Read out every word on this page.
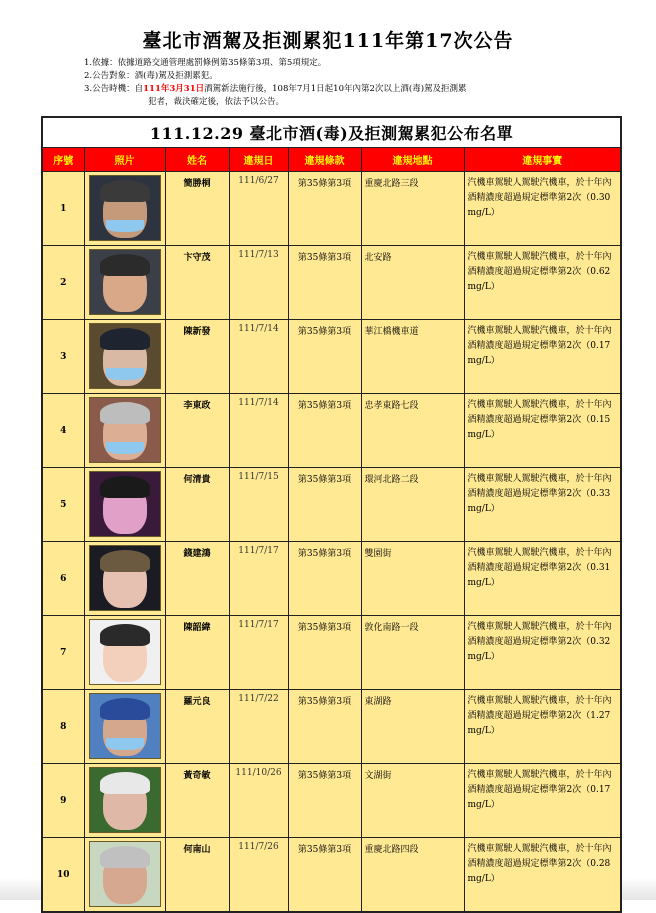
臺北市酒駕及拒測累犯111年第17次公告
1.依據：依據道路交通管理處罰條例第35條第3項、第5項規定。
2.公告對象：酒(毒)駕及拒測累犯。
3.公告時機：自111年3月31日酒駕新法施行後，108年7月1日起10年內第2次以上酒(毒)駕及拒測累
犯者，裁決確定後，依法予以公告。
111.12.29 臺北市酒(毒)及拒測駕累犯公布名單						
序號	照片	姓名	違規日	違規條款	違規地點	違規事實
1		簡勝桐	111/6/27	第35條第3項	重慶北路三段	汽機車駕駛人駕駛汽機車，於十年內酒精濃度超過規定標準第2次（0.30 mg/L）
2		卞守茂	111/7/13	第35條第3項	北安路	汽機車駕駛人駕駛汽機車，於十年內酒精濃度超過規定標準第2次（0.62 mg/L）
3		陳新發	111/7/14	第35條第3項	華江橋機車道	汽機車駕駛人駕駛汽機車，於十年內酒精濃度超過規定標準第2次（0.17 mg/L）
4		李東政	111/7/14	第35條第3項	忠孝東路七段	汽機車駕駛人駕駛汽機車，於十年內酒精濃度超過規定標準第2次（0.15 mg/L）
5		何清貴	111/7/15	第35條第3項	環河北路二段	汽機車駕駛人駕駛汽機車，於十年內酒精濃度超過規定標準第2次（0.33 mg/L）
6		錢建鴻	111/7/17	第35條第3項	雙園街	汽機車駕駛人駕駛汽機車，於十年內酒精濃度超過規定標準第2次（0.31 mg/L）
7		陳韶緯	111/7/17	第35條第3項	敦化南路一段	汽機車駕駛人駕駛汽機車，於十年內酒精濃度超過規定標準第2次（0.32 mg/L）
8		羅元良	111/7/22	第35條第3項	東湖路	汽機車駕駛人駕駛汽機車，於十年內酒精濃度超過規定標準第2次（1.27 mg/L）
9		黃奇敏	111/10/26	第35條第3項	文湖街	汽機車駕駛人駕駛汽機車，於十年內酒精濃度超過規定標準第2次（0.17 mg/L）
10		何南山	111/7/26	第35條第3項	重慶北路四段	汽機車駕駛人駕駛汽機車，於十年內酒精濃度超過規定標準第2次（0.28 mg/L）
